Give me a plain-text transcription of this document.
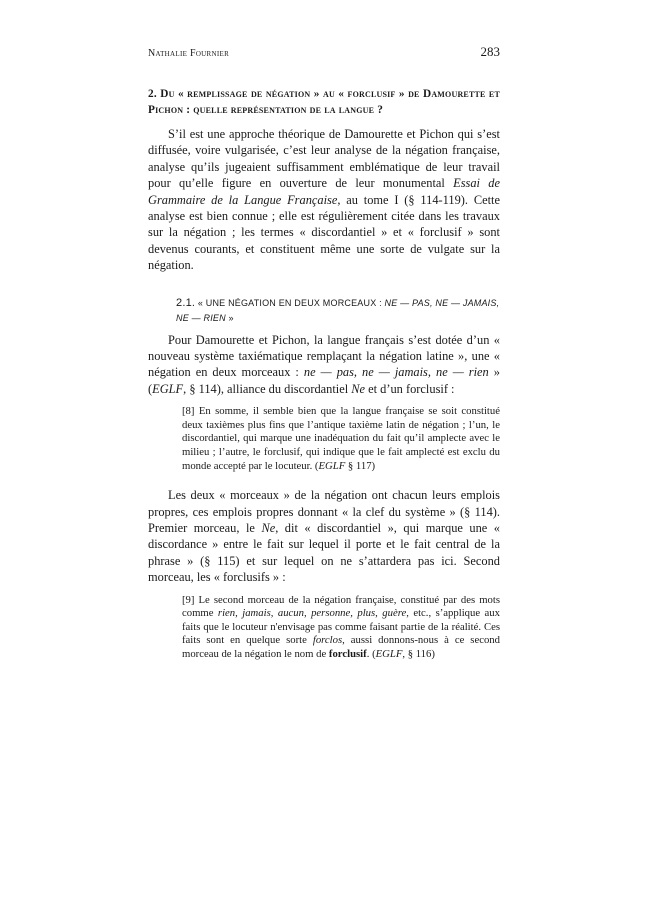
Nathalie Fournier	283
2. Du « remplissage de négation » au « forclusif » de Damourette et Pichon : quelle représentation de la langue ?

S’il est une approche théorique de Damourette et Pichon qui s’est diffusée, voire vulgarisée, c’est leur analyse de la négation française, analyse qu’ils jugeaient suffisamment emblématique de leur travail pour qu’elle figure en ouverture de leur monumental Essai de Grammaire de la Langue Française, au tome I (§ 114-119). Cette analyse est bien connue ; elle est régulièrement citée dans les travaux sur la négation ; les termes « discordantiel » et « forclusif » sont devenus courants, et constituent même une sorte de vulgate sur la négation.

2.1. « UNE NÉGATION EN DEUX MORCEAUX : NE — PAS, NE — JAMAIS, NE — RIEN »

Pour Damourette et Pichon, la langue français s’est dotée d’un « nouveau système taxiématique remplaçant la négation latine », une « négation en deux morceaux : ne — pas, ne — jamais, ne — rien » (EGLF, § 114), alliance du discordantiel Ne et d’un forclusif :

[8] En somme, il semble bien que la langue française se soit constitué deux taxièmes plus fins que l’antique taxième latin de négation ; l’un, le discordantiel, qui marque une inadéquation du fait qu’il amplecte avec le milieu ; l’autre, le forclusif, qui indique que le fait amplecté est exclu du monde accepté par le locuteur. (EGLF § 117)

Les deux « morceaux » de la négation ont chacun leurs emplois propres, ces emplois propres donnant « la clef du système » (§ 114). Premier morceau, le Ne, dit « discordantiel », qui marque une « discordance » entre le fait sur lequel il porte et le fait central de la phrase » (§ 115) et sur lequel on ne s’attardera pas ici. Second morceau, les « forclusifs » :

[9] Le second morceau de la négation française, constitué par des mots comme rien, jamais, aucun, personne, plus, guère, etc., s’applique aux faits que le locuteur n'envisage pas comme faisant partie de la réalité. Ces faits sont en quelque sorte forclos, aussi donnons-nous à ce second morceau de la négation le nom de forclusif. (EGLF, § 116)
